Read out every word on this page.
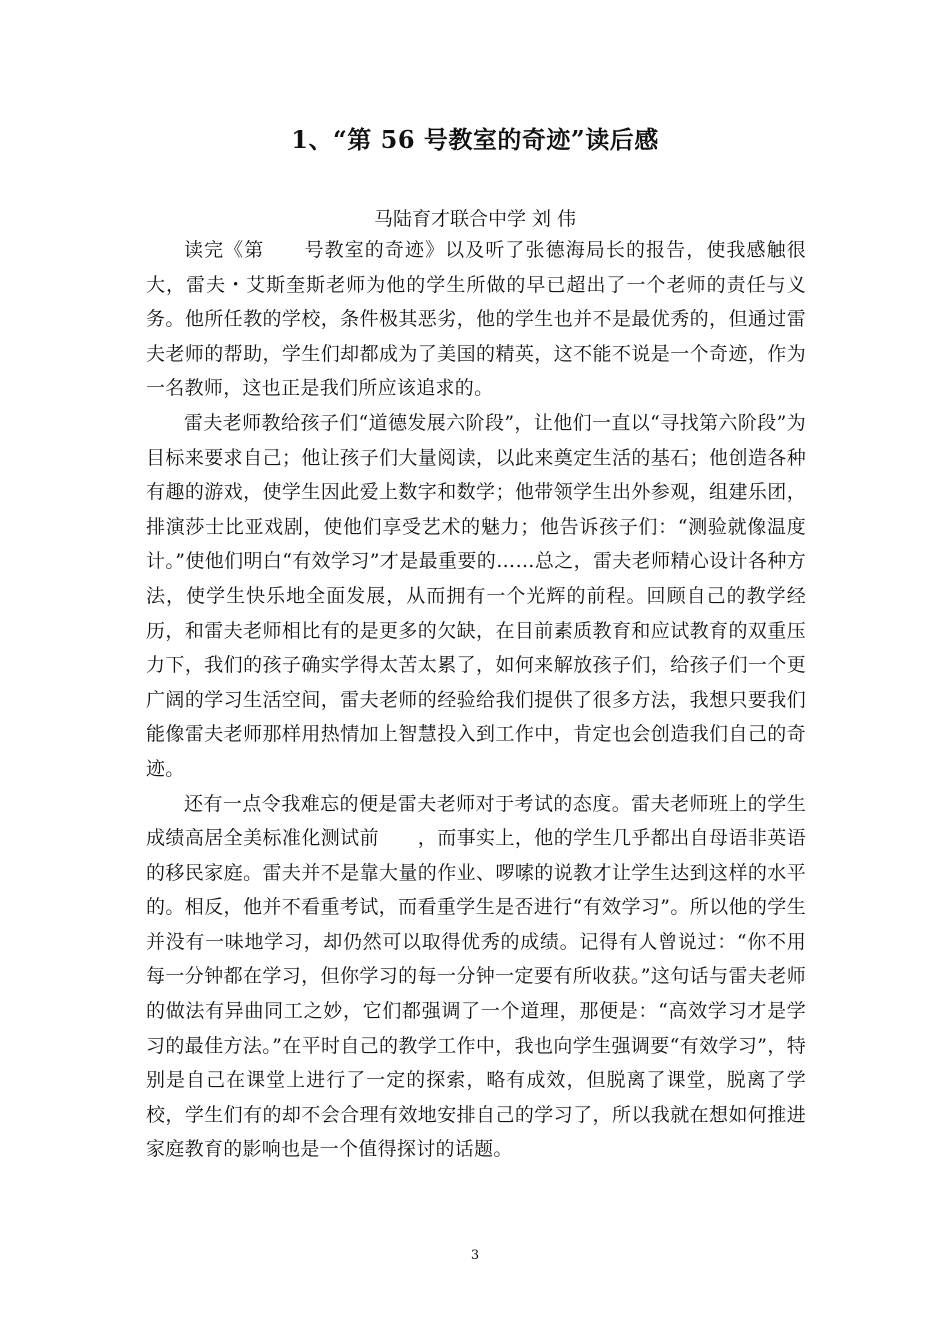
1、“第 56 号教室的奇迹”读后感
马陆育才联合中学 刘 伟

读完《第　　号教室的奇迹》以及听了张德海局长的报告，使我感触很大，雷夫・艾斯奎斯老师为他的学生所做的早已超出了一个老师的责任与义务。他所任教的学校，条件极其恶劣，他的学生也并不是最优秀的，但通过雷夫老师的帮助，学生们却都成为了美国的精英，这不能不说是一个奇迹，作为一名教师，这也正是我们所应该追求的。

雷夫老师教给孩子们“道德发展六阶段”，让他们一直以“寻找第六阶段”为目标来要求自己；他让孩子们大量阅读，以此来奠定生活的基石；他创造各种有趣的游戏，使学生因此爱上数字和数学；他带领学生出外参观，组建乐团，排演莎士比亚戏剧，使他们享受艺术的魅力；他告诉孩子们：“测验就像温度计。”使他们明白“有效学习”才是最重要的……总之，雷夫老师精心设计各种方法，使学生快乐地全面发展，从而拥有一个光辉的前程。回顾自己的教学经历，和雷夫老师相比有的是更多的欠缺，在目前素质教育和应试教育的双重压力下，我们的孩子确实学得太苦太累了，如何来解放孩子们，给孩子们一个更广阔的学习生活空间，雷夫老师的经验给我们提供了很多方法，我想只要我们能像雷夫老师那样用热情加上智慧投入到工作中，肯定也会创造我们自己的奇迹。

还有一点令我难忘的便是雷夫老师对于考试的态度。雷夫老师班上的学生成绩高居全美标准化测试前　　，而事实上，他的学生几乎都出自母语非英语的移民家庭。雷夫并不是靠大量的作业、啰嗦的说教才让学生达到这样的水平的。相反，他并不看重考试，而看重学生是否进行“有效学习”。所以他的学生并没有一味地学习，却仍然可以取得优秀的成绩。记得有人曾说过：“你不用每一分钟都在学习，但你学习的每一分钟一定要有所收获。”这句话与雷夫老师的做法有异曲同工之妙，它们都强调了一个道理，那便是：“高效学习才是学习的最佳方法。”在平时自己的教学工作中，我也向学生强调要“有效学习”，特别是自己在课堂上进行了一定的探索，略有成效，但脱离了课堂，脱离了学校，学生们有的却不会合理有效地安排自己的学习了，所以我就在想如何推进家庭教育的影响也是一个值得探讨的话题。

3
